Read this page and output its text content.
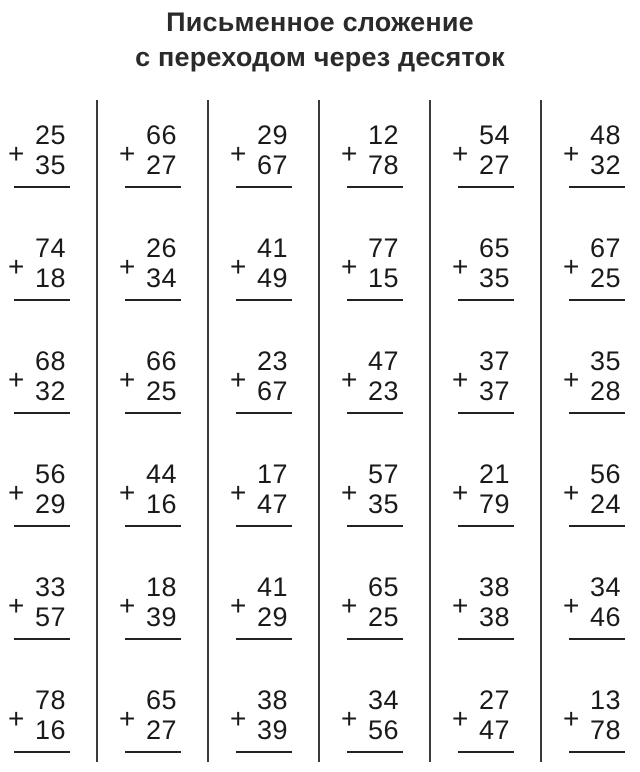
Письменное сложение
с переходом через десяток
+
25
35
+
74
18
+
68
32
+
56
29
+
33
57
+
78
16
+
66
27
+
26
34
+
66
25
+
44
16
+
18
39
+
65
27
+
29
67
+
41
49
+
23
67
+
17
47
+
41
29
+
38
39
+
12
78
+
77
15
+
47
23
+
57
35
+
65
25
+
34
56
+
54
27
+
65
35
+
37
37
+
21
79
+
38
38
+
27
47
+
48
32
+
67
25
+
35
28
+
56
24
+
34
46
+
13
78
